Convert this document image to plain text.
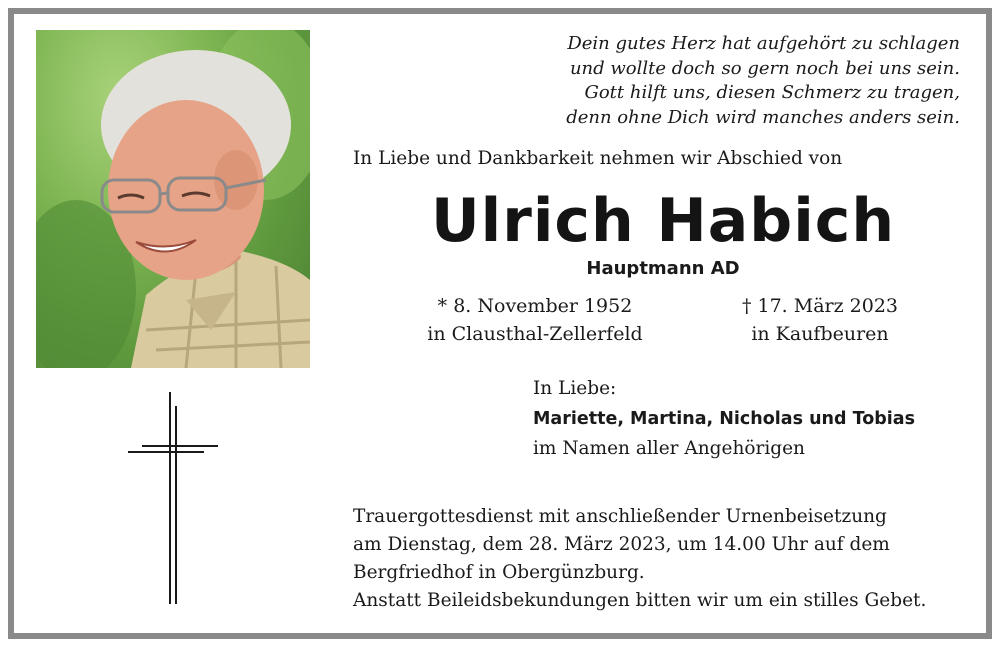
Dein gutes Herz hat aufgehört zu schlagen
und wollte doch so gern noch bei uns sein.
Gott hilft uns, diesen Schmerz zu tragen,
denn ohne Dich wird manches anders sein.
In Liebe und Dankbarkeit nehmen wir Abschied von
Ulrich Habich
Hauptmann AD
* 8. November 1952
in Clausthal-Zellerfeld
† 17. März 2023
in Kaufbeuren
In Liebe:
Mariette, Martina, Nicholas und Tobias
im Namen aller Angehörigen
Trauergottesdienst mit anschließender Urnenbeisetzung
am Dienstag, dem 28. März 2023, um 14.00 Uhr auf dem
Bergfriedhof in Obergünzburg.
Anstatt Beileidsbekundungen bitten wir um ein stilles Gebet.
